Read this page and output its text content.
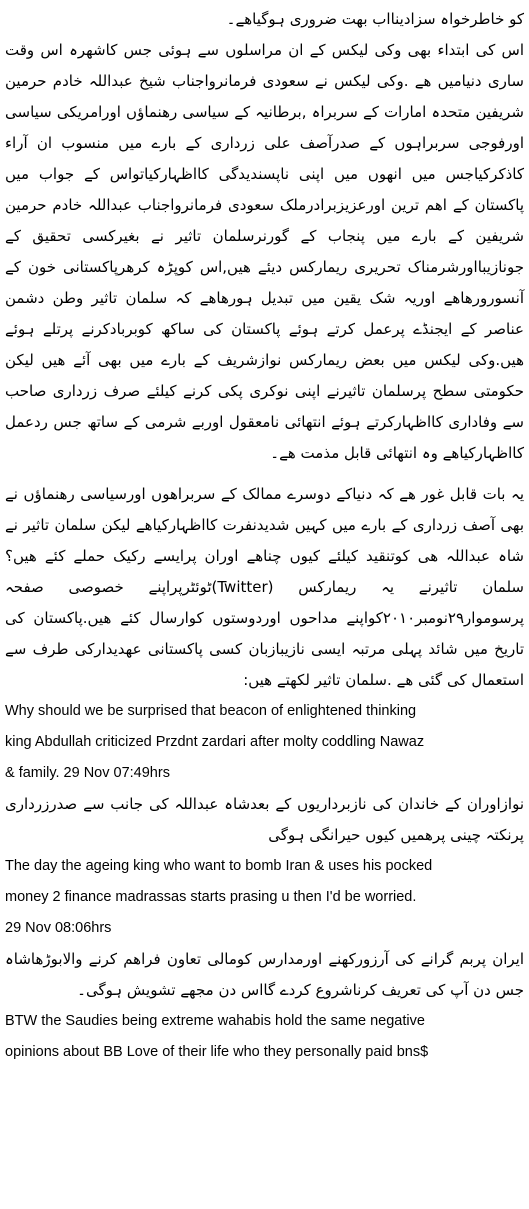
کو خاطرخواہ سزادینااب بھت ضروری ہوگیاھے۔

اس کی ابتداء بھی وکی لیکس کے ان مراسلوں سے ہوئی جس کاشھرہ اس وقت ساری دنیامیں ھے .وکی لیکس نے سعودی فرمانرواجناب شیخ عبداللہ خادم حرمین شریفین متحدہ امارات کے سربراہ ,برطانیہ کے سیاسی رھنماؤں اورامریکی سیاسی اورفوجی سربراہوں کے صدرآصف علی زرداری کے بارے میں منسوب ان آراء کاذکرکیاجس میں انھوں میں اپنی ناپسندیدگی کااظہارکیاتواس کے جواب میں پاکستان کے اھم ترین اورعزیزبرادرملک سعودی فرمانرواجناب عبداللہ خادم حرمین شریفین کے بارے میں پنجاب کے گورنرسلمان تاثیر نے بغیرکسی تحقیق کے جونازیبااورشرمناک تحریری ریمارکس دیئے ھیں,اس کوپڑہ کرھرپاکستانی خون کے آنسورورھاھے اوریہ شک یقین میں تبدیل ہورھاھے کہ سلمان تاثیر وطن دشمن عناصر کے ایجنڈے پرعمل کرتے ہوئے پاکستان کی ساکھ کوبربادکرنے پرتلے ہوئے ھیں.وکی لیکس میں بعض ریمارکس نوازشریف کے بارے میں بھی آئے ھیں لیکن حکومتی سطح پرسلمان تاثیرنے اپنی نوکری پکی کرنے کیلئے صرف زرداری صاحب سے وفاداری کااظہارکرتے ہوئے انتھائی نامعقول اوربے شرمی کے ساتھ جس ردعمل کااظہارکیاھے وہ انتھائی قابل مذمت ھے۔

یہ بات قابل غور ھے کہ دنیاکے دوسرے ممالک کے سربراھوں اورسیاسی رھنماؤں نے بھی آصف زرداری کے بارے میں کہیں شدیدنفرت کااظہارکیاھے لیکن سلمان تاثیر نے شاہ عبداللہ ھی کوتنقید کیلئے کیوں چناھے اوران پرایسے رکیک حملے کئے ھیں؟سلمان تاثیرنے یہ ریمارکس (Twitter)ٹوئٹرپراپنے خصوصی صفحہ پرسوموار۲۹نومبر۲۰۱۰کواپنے مداحوں اوردوستوں کوارسال کئے ھیں.پاکستان کی تاریخ میں شائد پہلی مرتبہ ایسی نازیبازبان کسی پاکستانی عھدیدارکی طرف سے استعمال کی گئی ھے .سلمان تاثیر لکھتے ھیں:

Why should we be surprised that beacon of enlightened thinking

king Abdullah criticized Przdnt zardari after molty coddling Nawaz

& family. 29 Nov 07:49hrs

نوازاوران کے خاندان کی نازبرداریوں کے بعدشاہ عبداللہ کی جانب سے صدرزرداری پرنکتہ چینی پرھمیں کیوں حیرانگی ہوگی

The day the ageing king who want to bomb Iran & uses his pocked

money 2 finance madrassas starts prasing u then I'd be worried.

29 Nov 08:06hrs

ایران پربم گرانے کی آرزورکھنے اورمدارس کومالی تعاون فراھم کرنے والابوڑھاشاہ جس دن آپ کی تعریف کرناشروع کردے گااس دن مجھے تشویش ہوگی۔

BTW the Saudies being extreme wahabis hold the same negative

opinions about BB Love of their life who they personally paid bns$
